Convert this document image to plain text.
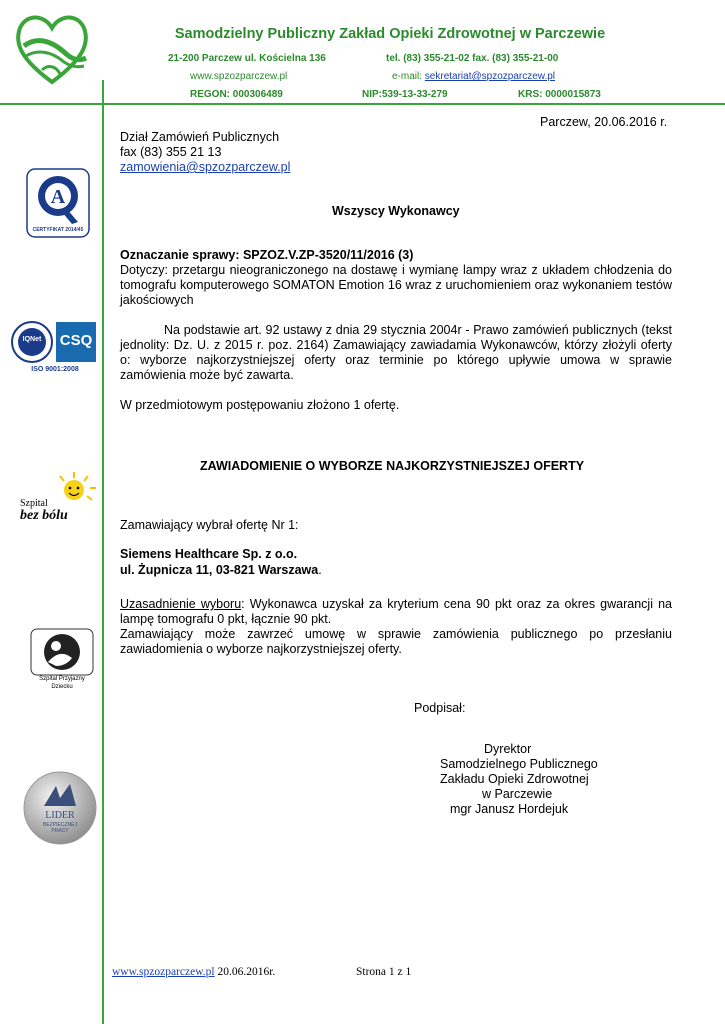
Samodzielny Publiczny Zakład Opieki Zdrowotnej w Parczewie
21-200 Parczew ul. Kościelna 136	tel. (83) 355-21-02 fax. (83) 355-21-00
www.spzozparczew.pl	e-mail: sekretariat@spzozparczew.pl
REGON: 000306489	NIP:539-13-33-279	KRS: 0000015873
A
CERTYFIKAT 2014/45
IQNet	CSQ
ISO 9001:2008
Szpital
bez bólu
Szpital Przyjazny
Dziecku
LIDER
BEZPIECZNEJ
PRACY
Parczew, 20.06.2016 r.
Dział Zamówień Publicznych
fax (83) 355 21 13
zamowienia@spzozparczew.pl
Wszyscy Wykonawcy
Oznaczanie sprawy: SPZOZ.V.ZP-3520/11/2016 (3)
Dotyczy: przetargu nieograniczonego na dostawę i wymianę lampy wraz z układem chłodzenia do tomografu komputerowego SOMATON Emotion 16 wraz z uruchomieniem oraz wykonaniem testów jakościowych
Na podstawie art. 92 ustawy z dnia 29 stycznia 2004r - Prawo zamówień publicznych (tekst jednolity: Dz. U. z 2015 r. poz. 2164) Zamawiający zawiadamia Wykonawców, którzy złożyli oferty o: wyborze najkorzystniejszej oferty oraz terminie po którego upływie umowa w sprawie zamówienia może być zawarta.
W przedmiotowym postępowaniu złożono 1 ofertę.
ZAWIADOMIENIE O WYBORZE NAJKORZYSTNIEJSZEJ OFERTY
Zamawiający wybrał ofertę Nr 1:
Siemens Healthcare Sp. z o.o.
ul. Żupnicza 11, 03-821 Warszawa.
Uzasadnienie wyboru: Wykonawca uzyskał za kryterium cena 90 pkt oraz za okres gwarancji na lampę tomografu 0 pkt, łącznie 90 pkt.
Zamawiający może zawrzeć umowę w sprawie zamówienia publicznego po przesłaniu zawiadomienia o wyborze najkorzystniejszej oferty.
Podpisał:
Dyrektor
Samodzielnego Publicznego
Zakładu Opieki Zdrowotnej
w Parczewie
mgr Janusz Hordejuk
www.spzozparczew.pl 20.06.2016r.	Strona 1 z 1
